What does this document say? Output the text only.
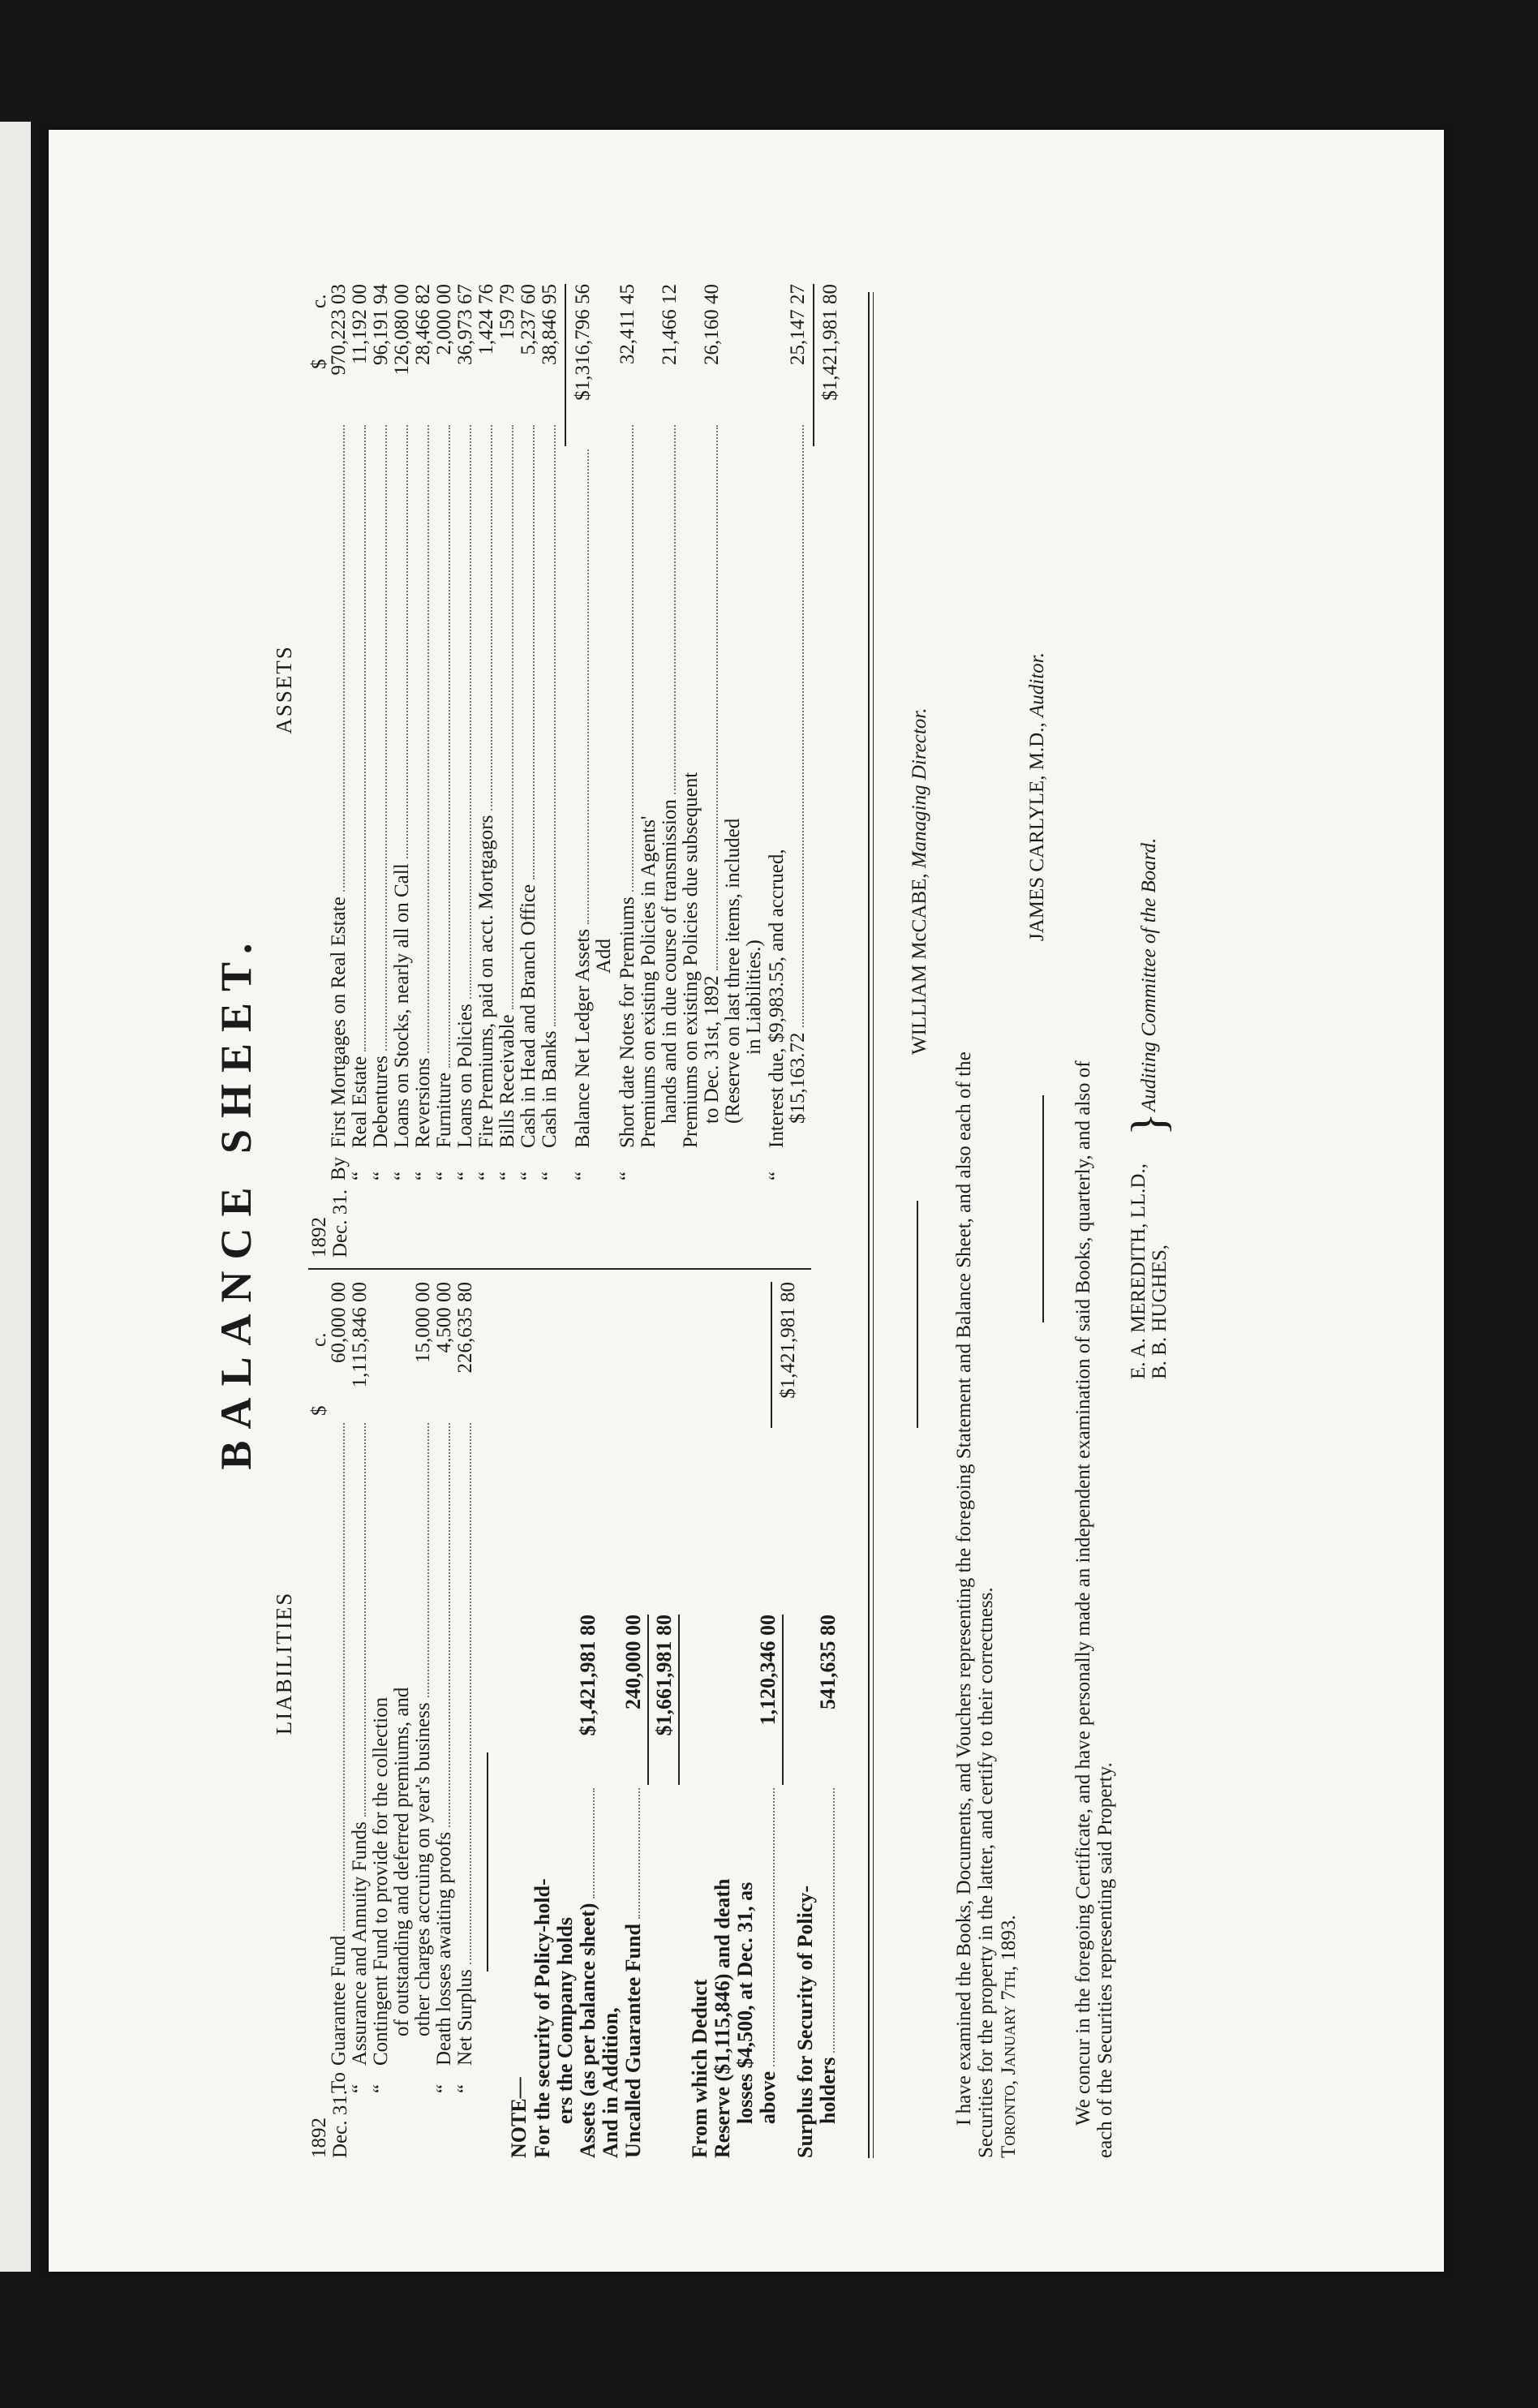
BALANCE SHEET.
LIABILITIES
ASSETS
1892 Dec. 31.
$
c.
To
Guarantee Fund
60,000 00
“
Assurance and Annuity Funds
1,115,846 00
“
Contingent Fund to provide for the collection of outstanding and deferred premiums, and other charges accruing on year's business
15,000 00
“
Death losses awaiting proofs
4,500 00
“
Net Surplus
226,635 80
NOTE— For the security of Policy-hold- ers the Company holds Assets (as per balance sheet)
$1,421,981 80
And in Addition, Uncalled Guarantee Fund
240,000 00 $1,661,981 80
From which Deduct Reserve ($1,115,846) and death losses $4,500, at Dec. 31, as above
1,120,346 00
Surplus for Security of Policy- holders
541,635 80
$1,421,981 80
1892 Dec. 31.
$
c.
By
First Mortgages on Real Estate
970,223 03
“
Real Estate
11,192 00
“
Debentures
96,191 94
“
Loans on Stocks, nearly all on Call
126,080 00
“
Reversions
28,466 82
“
Furniture
2,000 00
“
Loans on Policies
36,973 67
“
Fire Premiums, paid on acct. Mortgagors
1,424 76
“
Bills Receivable
159 79
“
Cash in Head and Branch Office
5,237 60
“
Cash in Banks
38,846 95
“
Balance Net Ledger Assets
$1,316,796 56
Add
“
Short date Notes for Premiums
32,411 45
Premiums on existing Policies in Agents' hands and in due course of transmission
21,466 12
Premiums on existing Policies due subsequent to Dec. 31st, 1892
26,160 40
(Reserve on last three items, included in Liabilities.)
“
Interest due, $9,983.55, and accrued, $15,163.72
25,147 27 $1,421,981 80
WILLIAM McCABE, Managing Director.
I have examined the Books, Documents, and Vouchers representing the foregoing Statement and Balance Sheet, and also each of the Securities for the property in the latter, and certify to their correctness. Toronto, January 7th, 1893.
JAMES CARLYLE, M.D., Auditor.
We concur in the foregoing Certificate, and have personally made an independent examination of said Books, quarterly, and also of each of the Securities representing said Property.
E. A. MEREDITH, LL.D., B. B. HUGHES,
}
Auditing Committee of the Board.
